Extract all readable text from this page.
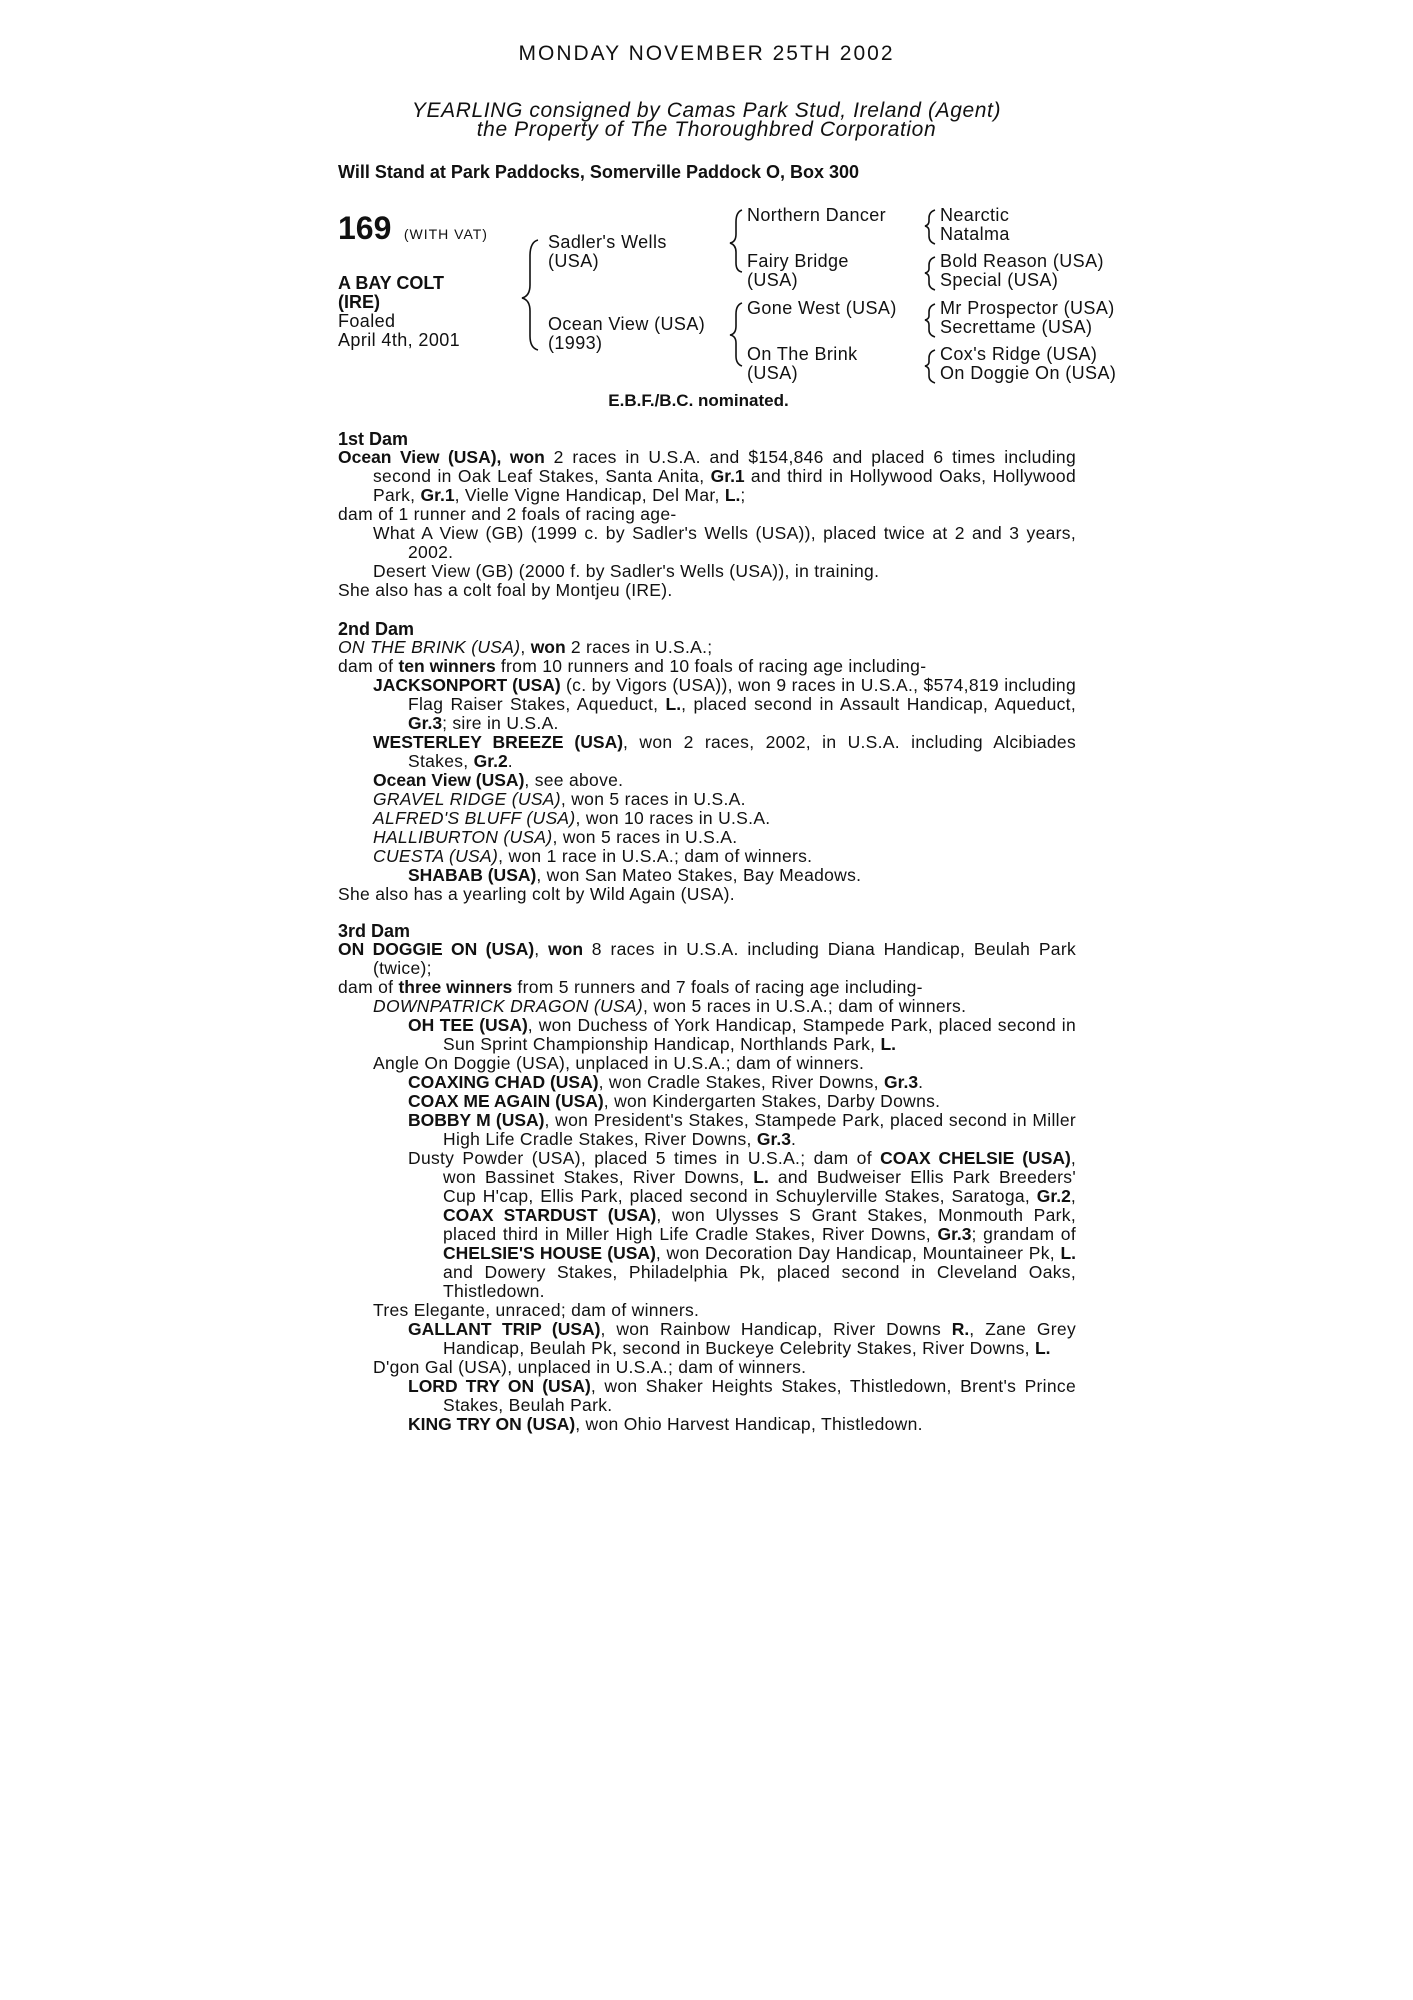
MONDAY NOVEMBER 25TH 2002
YEARLING consigned by Camas Park Stud, Ireland (Agent)
the Property of The Thoroughbred Corporation
Will Stand at Park Paddocks, Somerville Paddock O, Box 300
169 (WITH VAT)
A BAY COLT
(IRE)
Foaled
April 4th, 2001
Sadler's Wells
(USA)
Ocean View (USA)
(1993)
Northern Dancer
Fairy Bridge
(USA)
Gone West (USA)
On The Brink
(USA)
Nearctic
Natalma
Bold Reason (USA)
Special (USA)
Mr Prospector (USA)
Secrettame (USA)
Cox's Ridge (USA)
On Doggie On (USA)
E.B.F./B.C. nominated.
1st Dam
Ocean View (USA), won 2 races in U.S.A. and $154,846 and placed 6 times including second in Oak Leaf Stakes, Santa Anita, Gr.1 and third in Hollywood Oaks, Hollywood Park, Gr.1, Vielle Vigne Handicap, Del Mar, L.;
dam of 1 runner and 2 foals of racing age-
What A View (GB) (1999 c. by Sadler's Wells (USA)), placed twice at 2 and 3 years, 2002.
Desert View (GB) (2000 f. by Sadler's Wells (USA)), in training.
She also has a colt foal by Montjeu (IRE).
2nd Dam
ON THE BRINK (USA), won 2 races in U.S.A.;
dam of ten winners from 10 runners and 10 foals of racing age including-
JACKSONPORT (USA) (c. by Vigors (USA)), won 9 races in U.S.A., $574,819 including Flag Raiser Stakes, Aqueduct, L., placed second in Assault Handicap, Aqueduct, Gr.3; sire in U.S.A.
WESTERLEY BREEZE (USA), won 2 races, 2002, in U.S.A. including Alcibiades Stakes, Gr.2.
Ocean View (USA), see above.
GRAVEL RIDGE (USA), won 5 races in U.S.A.
ALFRED'S BLUFF (USA), won 10 races in U.S.A.
HALLIBURTON (USA), won 5 races in U.S.A.
CUESTA (USA), won 1 race in U.S.A.; dam of winners.
SHABAB (USA), won San Mateo Stakes, Bay Meadows.
She also has a yearling colt by Wild Again (USA).
3rd Dam
ON DOGGIE ON (USA), won 8 races in U.S.A. including Diana Handicap, Beulah Park (twice);
dam of three winners from 5 runners and 7 foals of racing age including-
DOWNPATRICK DRAGON (USA), won 5 races in U.S.A.; dam of winners.
OH TEE (USA), won Duchess of York Handicap, Stampede Park, placed second in Sun Sprint Championship Handicap, Northlands Park, L.
Angle On Doggie (USA), unplaced in U.S.A.; dam of winners.
COAXING CHAD (USA), won Cradle Stakes, River Downs, Gr.3.
COAX ME AGAIN (USA), won Kindergarten Stakes, Darby Downs.
BOBBY M (USA), won President's Stakes, Stampede Park, placed second in Miller High Life Cradle Stakes, River Downs, Gr.3.
Dusty Powder (USA), placed 5 times in U.S.A.; dam of COAX CHELSIE (USA), won Bassinet Stakes, River Downs, L. and Budweiser Ellis Park Breeders' Cup H'cap, Ellis Park, placed second in Schuylerville Stakes, Saratoga, Gr.2, COAX STARDUST (USA), won Ulysses S Grant Stakes, Monmouth Park, placed third in Miller High Life Cradle Stakes, River Downs, Gr.3; grandam of CHELSIE'S HOUSE (USA), won Decoration Day Handicap, Mountaineer Pk, L. and Dowery Stakes, Philadelphia Pk, placed second in Cleveland Oaks, Thistledown.
Tres Elegante, unraced; dam of winners.
GALLANT TRIP (USA), won Rainbow Handicap, River Downs R., Zane Grey Handicap, Beulah Pk, second in Buckeye Celebrity Stakes, River Downs, L.
D'gon Gal (USA), unplaced in U.S.A.; dam of winners.
LORD TRY ON (USA), won Shaker Heights Stakes, Thistledown, Brent's Prince Stakes, Beulah Park.
KING TRY ON (USA), won Ohio Harvest Handicap, Thistledown.
